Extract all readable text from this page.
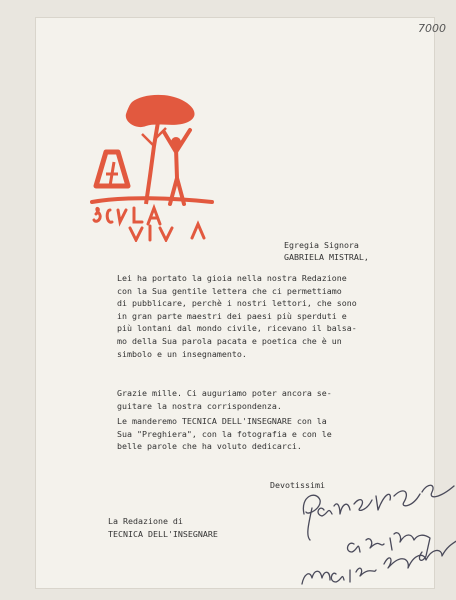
7000
Egregia Signora
GABRIELA MISTRAL,
Lei ha portato la gioia nella nostra Redazione
con la Sua gentile lettera che ci permettiamo
di pubblicare, perchè i nostri lettori, che sono
in gran parte maestri dei paesi più sperduti e
più lontani dal mondo civile, ricevano il balsa-
mo della Sua parola pacata e poetica che è un
simbolo e un insegnamento.
Grazie mille. Ci auguriamo poter ancora se-
guitare la nostra corrispondenza.
Le manderemo TECNICA DELL'INSEGNARE con la
Sua "Preghiera", con la fotografia e con le
belle parole che ha voluto dedicarci.
Devotissimi
La Redazione di
TECNICA DELL'INSEGNARE
